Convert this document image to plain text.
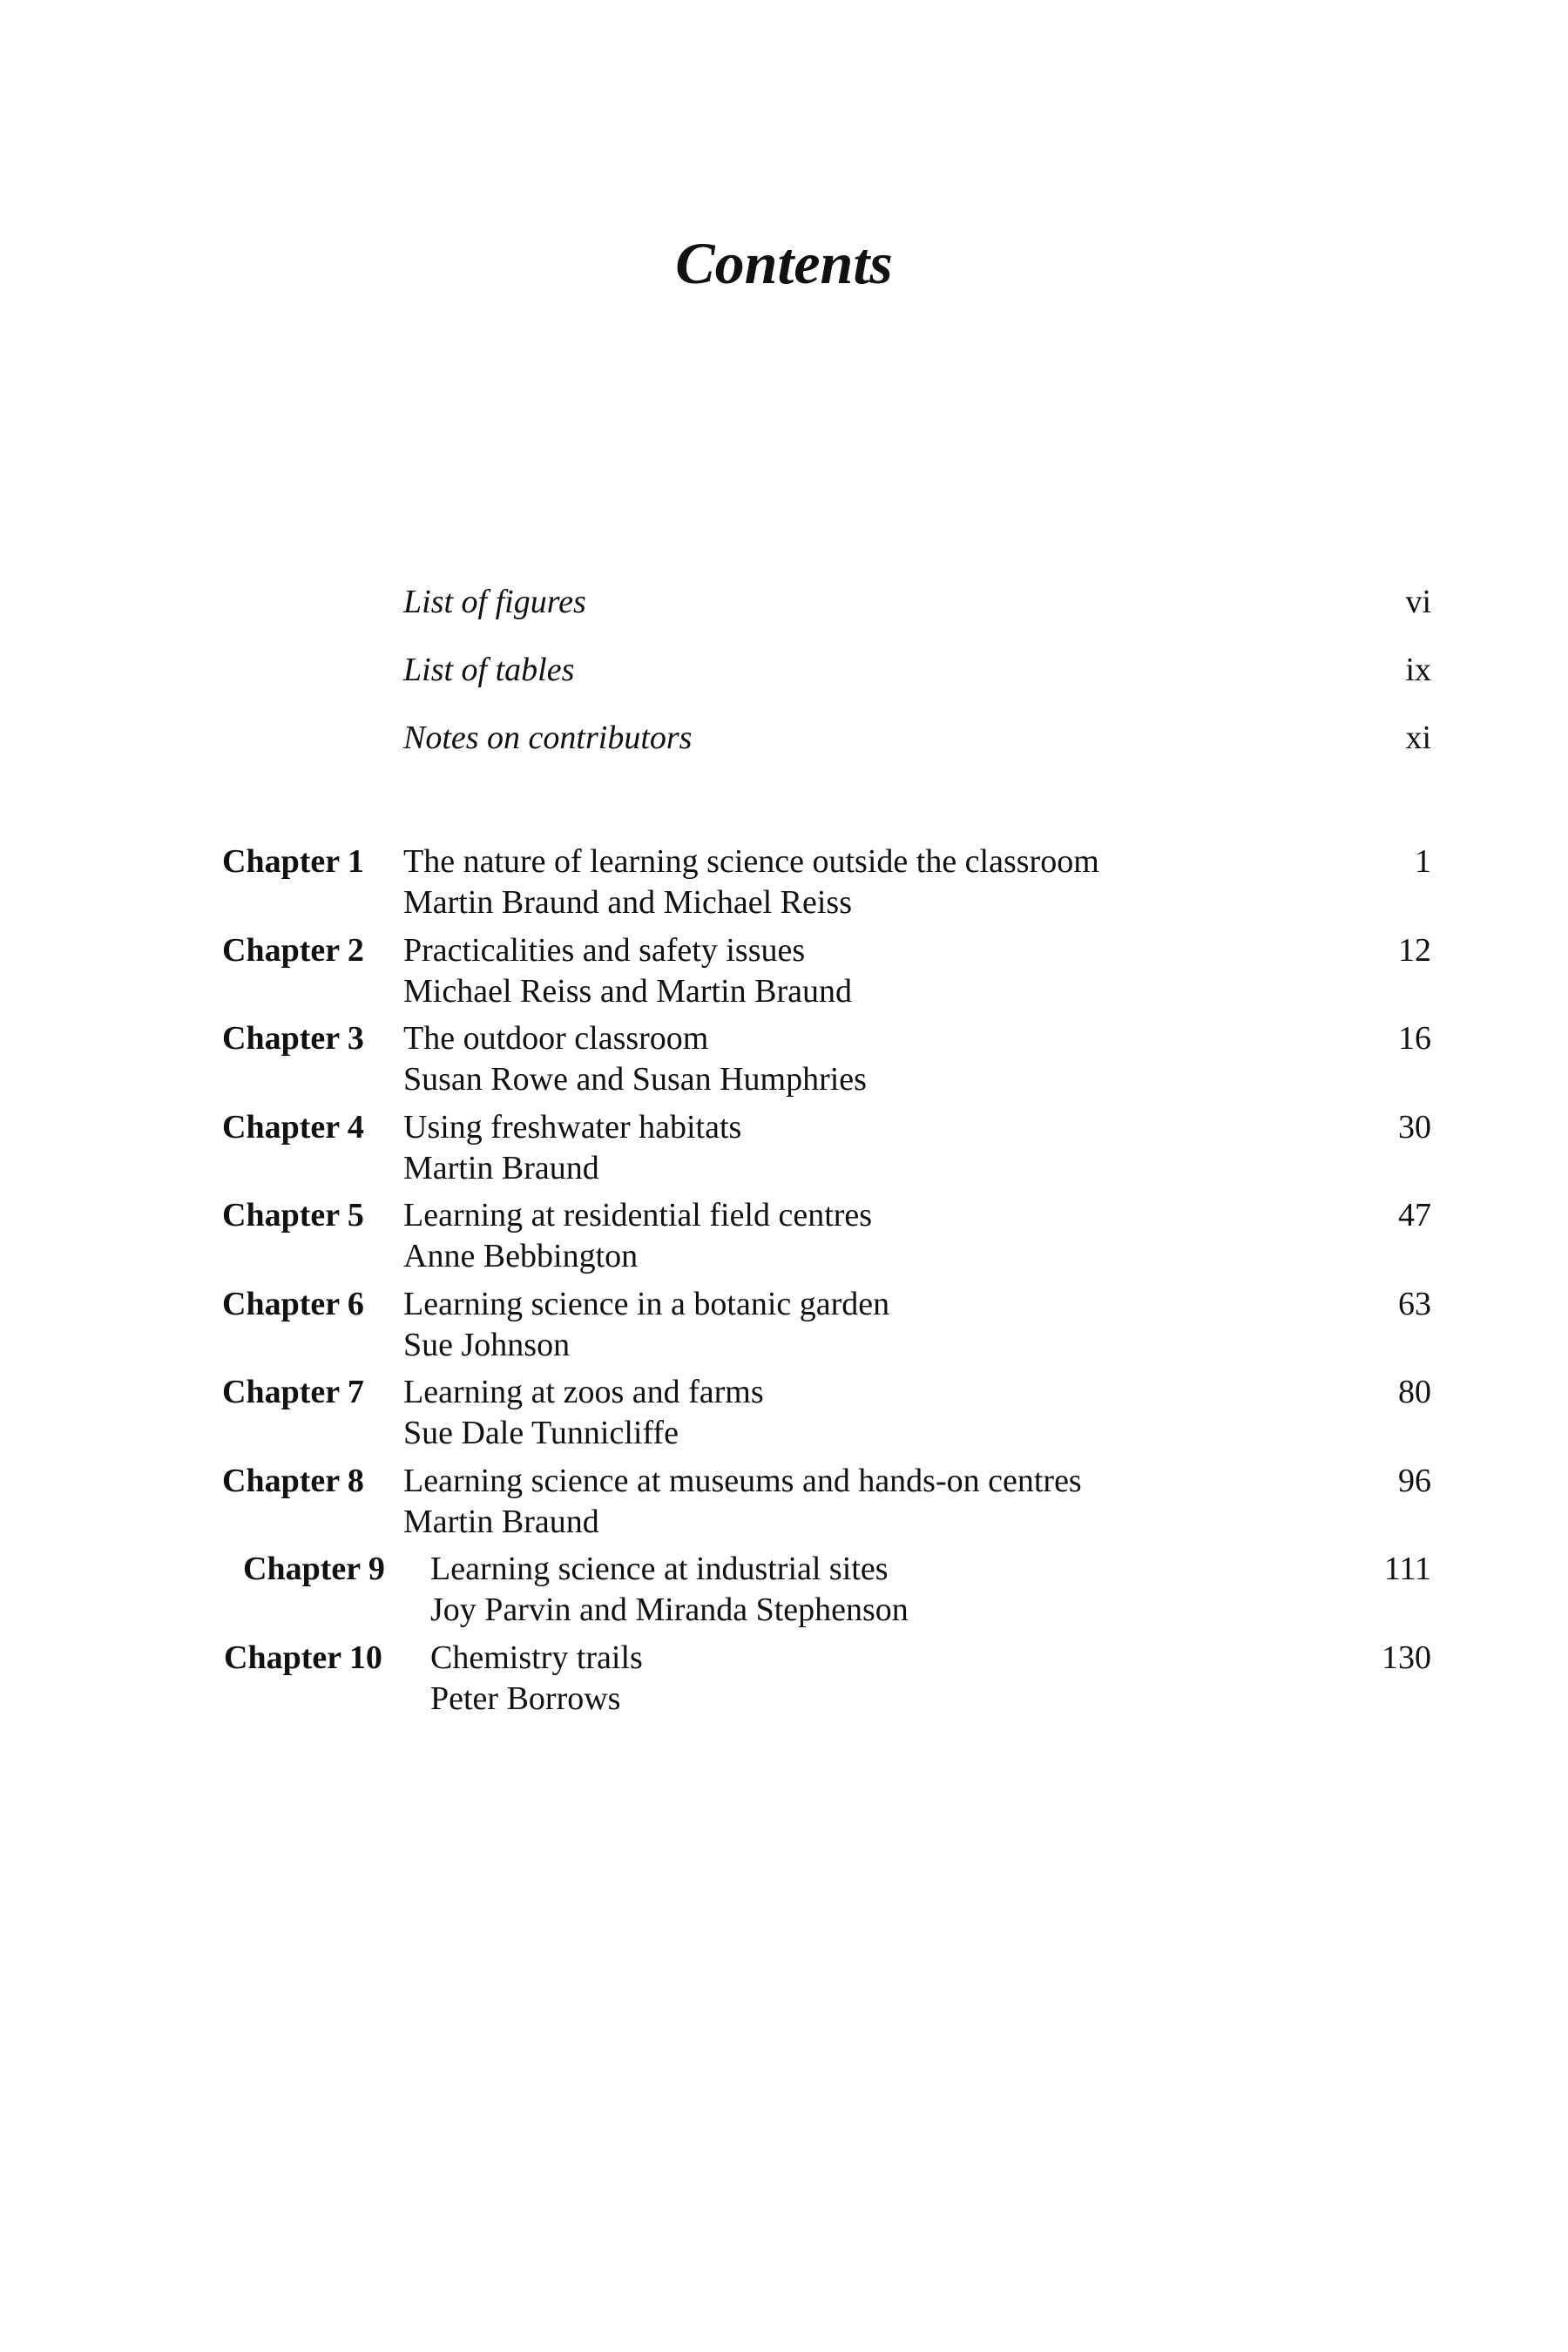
Contents
List of figures	vi
List of tables	ix
Notes on contributors	xi
Chapter 1 The nature of learning science outside the classroom	1
Martin Braund and Michael Reiss
Chapter 2 Practicalities and safety issues	12
Michael Reiss and Martin Braund
Chapter 3 The outdoor classroom	16
Susan Rowe and Susan Humphries
Chapter 4 Using freshwater habitats	30
Martin Braund
Chapter 5 Learning at residential field centres	47
Anne Bebbington
Chapter 6 Learning science in a botanic garden	63
Sue Johnson
Chapter 7 Learning at zoos and farms	80
Sue Dale Tunnicliffe
Chapter 8 Learning science at museums and hands-on centres	96
Martin Braund
Chapter 9 Learning science at industrial sites	111
Joy Parvin and Miranda Stephenson
Chapter 10 Chemistry trails	130
Peter Borrows
